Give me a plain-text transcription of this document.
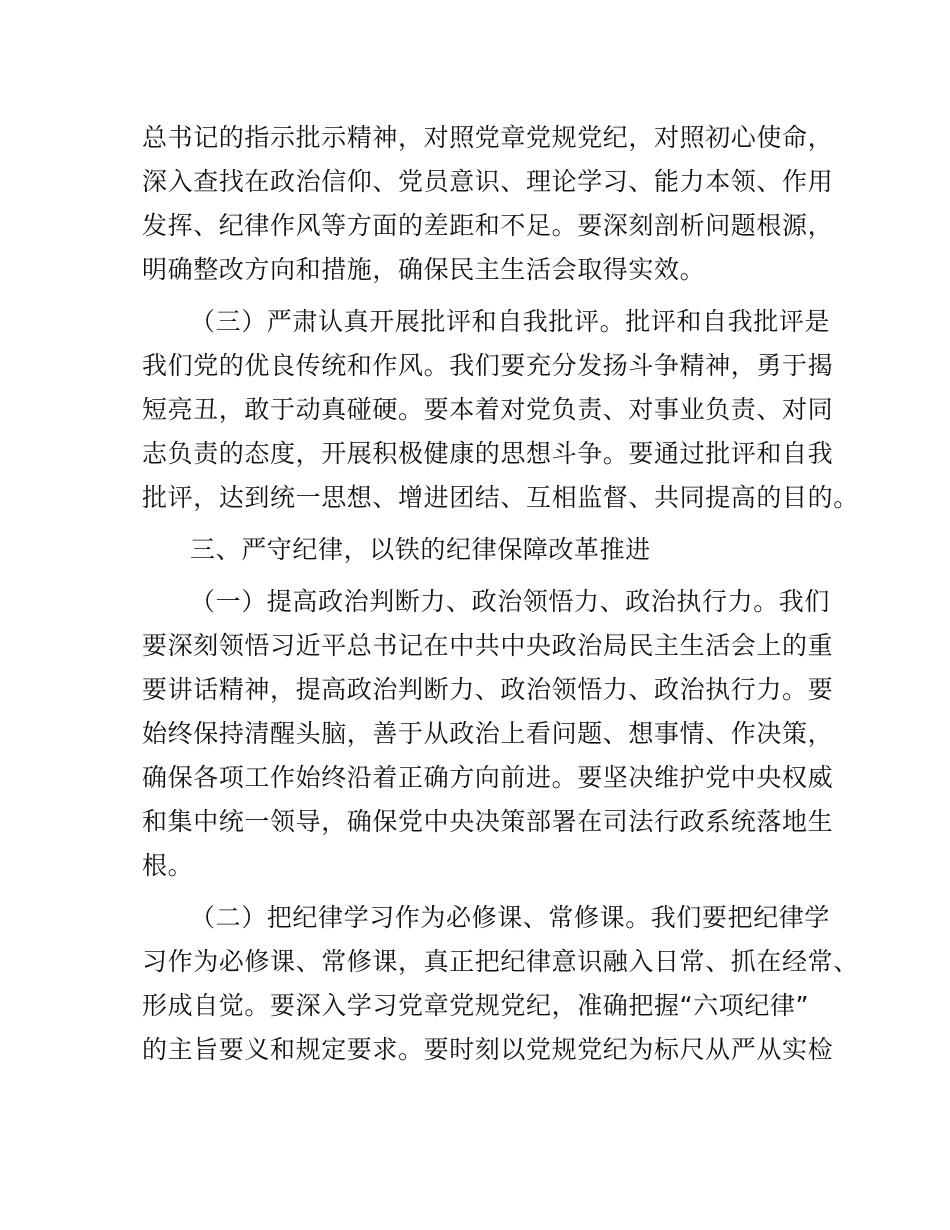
总书记的指示批示精神，对照党章党规党纪，对照初心使命，
深入查找在政治信仰、党员意识、理论学习、能力本领、作用
发挥、纪律作风等方面的差距和不足。要深刻剖析问题根源，
明确整改方向和措施，确保民主生活会取得实效。
（三）严肃认真开展批评和自我批评。批评和自我批评是
我们党的优良传统和作风。我们要充分发扬斗争精神，勇于揭
短亮丑，敢于动真碰硬。要本着对党负责、对事业负责、对同
志负责的态度，开展积极健康的思想斗争。要通过批评和自我
批评，达到统一思想、增进团结、互相监督、共同提高的目的。
三、严守纪律，以铁的纪律保障改革推进
（一）提高政治判断力、政治领悟力、政治执行力。我们
要深刻领悟习近平总书记在中共中央政治局民主生活会上的重
要讲话精神，提高政治判断力、政治领悟力、政治执行力。要
始终保持清醒头脑，善于从政治上看问题、想事情、作决策，
确保各项工作始终沿着正确方向前进。要坚决维护党中央权威
和集中统一领导，确保党中央决策部署在司法行政系统落地生
根。
（二）把纪律学习作为必修课、常修课。我们要把纪律学
习作为必修课、常修课，真正把纪律意识融入日常、抓在经常、
形成自觉。要深入学习党章党规党纪，准确把握“六项纪律”
的主旨要义和规定要求。要时刻以党规党纪为标尺从严从实检
